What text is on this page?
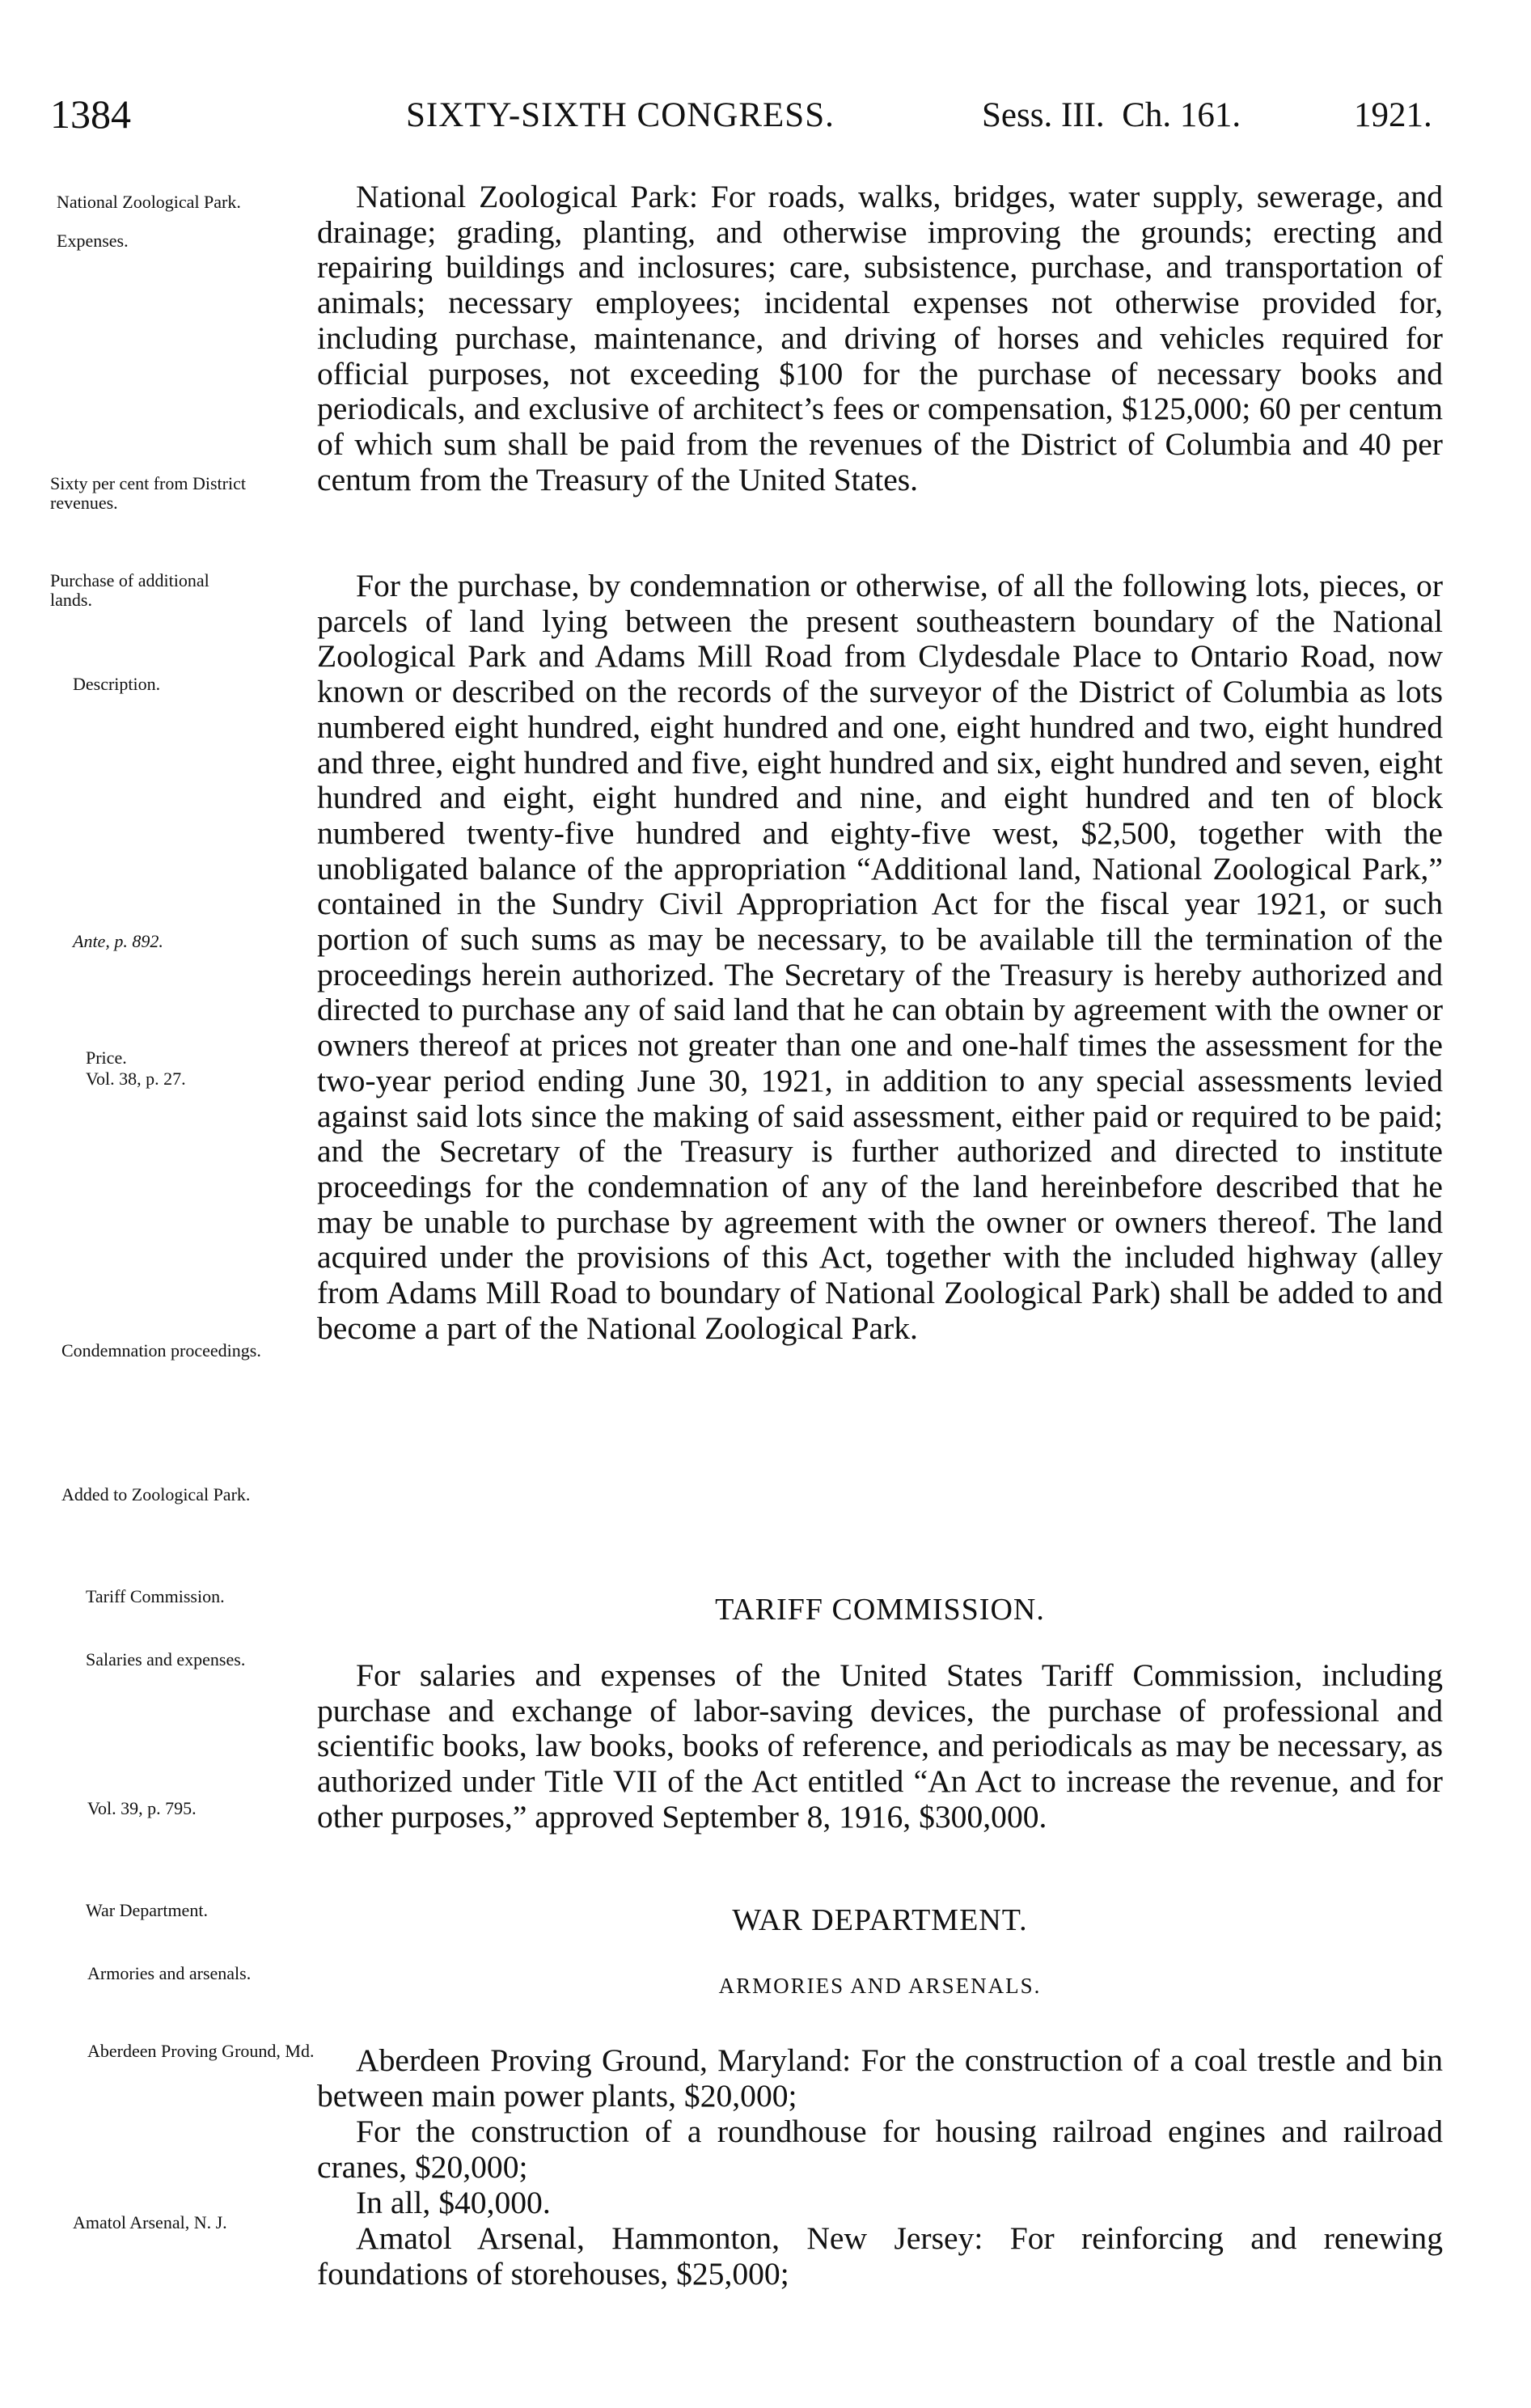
1384	SIXTY-SIXTH CONGRESS.	Sess. III. Ch. 161.	1921.
National Zoological Park.
Expenses.
Sixty per cent from District revenues.
Purchase of additional lands.
Description.
Ante, p. 892.
Price.
Vol. 38, p. 27.
Condemnation proceedings.
Added to Zoological Park.
Tariff Commission.
Salaries and expenses.
Vol. 39, p. 795.
War Department.
Armories and arsenals.
Aberdeen Proving Ground, Md.
Amatol Arsenal, N. J.
National Zoological Park: For roads, walks, bridges, water supply, sewerage, and drainage; grading, planting, and otherwise improving the grounds; erecting and repairing buildings and inclosures; care, subsistence, purchase, and transportation of animals; necessary employees; incidental expenses not otherwise provided for, including purchase, maintenance, and driving of horses and vehicles required for official purposes, not exceeding $100 for the purchase of necessary books and periodicals, and exclusive of architect’s fees or compensation, $125,000; 60 per centum of which sum shall be paid from the revenues of the District of Columbia and 40 per centum from the Treasury of the United States.
For the purchase, by condemnation or otherwise, of all the following lots, pieces, or parcels of land lying between the present southeastern boundary of the National Zoological Park and Adams Mill Road from Clydesdale Place to Ontario Road, now known or described on the records of the surveyor of the District of Columbia as lots numbered eight hundred, eight hundred and one, eight hundred and two, eight hundred and three, eight hundred and five, eight hundred and six, eight hundred and seven, eight hundred and eight, eight hundred and nine, and eight hundred and ten of block numbered twenty-five hundred and eighty-five west, $2,500, together with the unobligated balance of the appropriation “Additional land, National Zoological Park,” contained in the Sundry Civil Appropriation Act for the fiscal year 1921, or such portion of such sums as may be necessary, to be available till the termination of the proceedings herein authorized. The Secretary of the Treasury is hereby authorized and directed to purchase any of said land that he can obtain by agreement with the owner or owners thereof at prices not greater than one and one-half times the assessment for the two-year period ending June 30, 1921, in addition to any special assessments levied against said lots since the making of said assessment, either paid or required to be paid; and the Secretary of the Treasury is further authorized and directed to institute proceedings for the condemnation of any of the land hereinbefore described that he may be unable to purchase by agreement with the owner or owners thereof. The land acquired under the provisions of this Act, together with the included highway (alley from Adams Mill Road to boundary of National Zoological Park) shall be added to and become a part of the National Zoological Park.
TARIFF COMMISSION.
For salaries and expenses of the United States Tariff Commission, including purchase and exchange of labor-saving devices, the purchase of professional and scientific books, law books, books of reference, and periodicals as may be necessary, as authorized under Title VII of the Act entitled “An Act to increase the revenue, and for other purposes,” approved September 8, 1916, $300,000.
WAR DEPARTMENT.
ARMORIES AND ARSENALS.
Aberdeen Proving Ground, Maryland: For the construction of a coal trestle and bin between main power plants, $20,000;
For the construction of a roundhouse for housing railroad engines and railroad cranes, $20,000;
In all, $40,000.
Amatol Arsenal, Hammonton, New Jersey: For reinforcing and renewing foundations of storehouses, $25,000;
